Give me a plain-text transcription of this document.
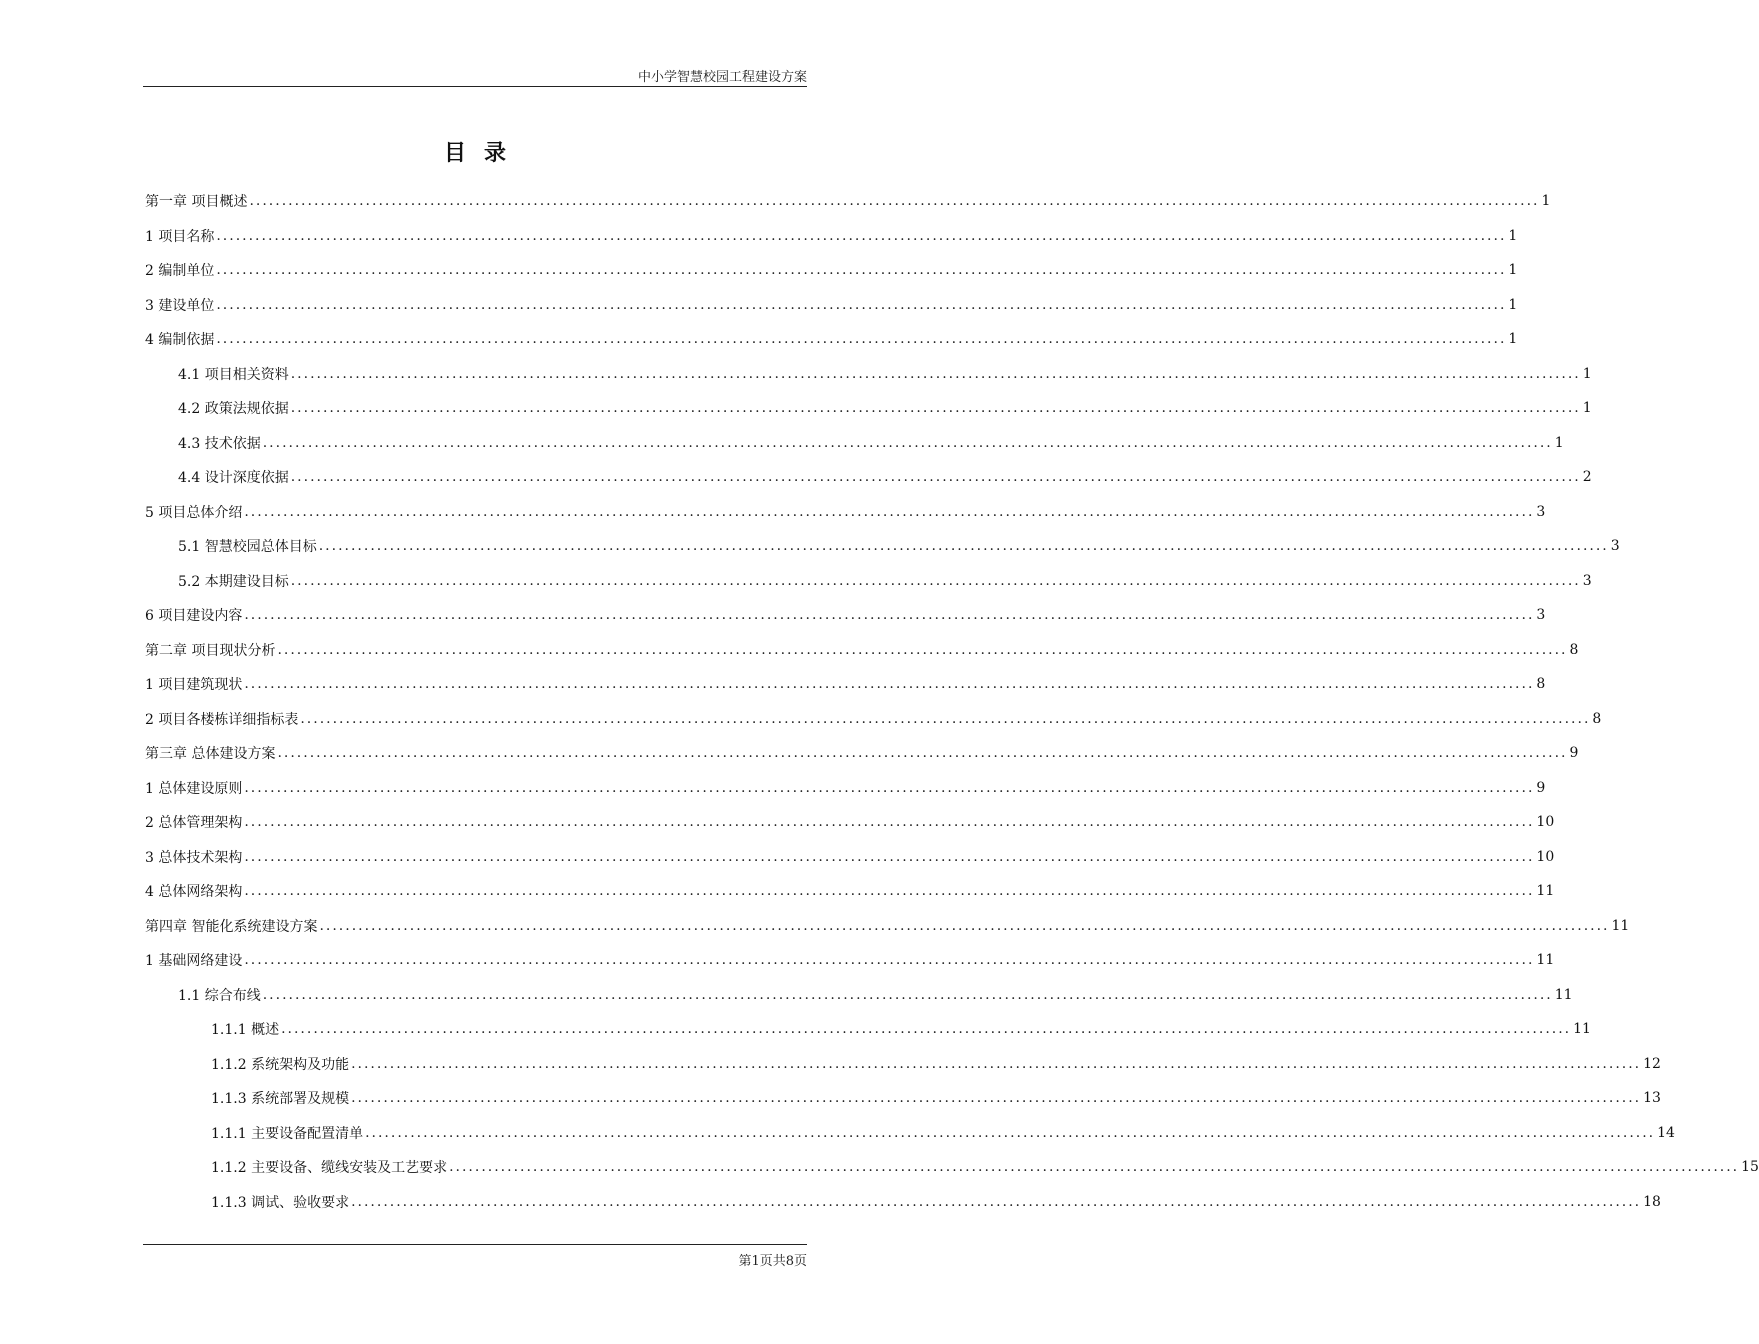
中小学智慧校园工程建设方案
目录
第一章 项目概述 ........................................................................................................................................................................................................ 1
1 项目名称 ........................................................................................................................................................................................................ 1
2 编制单位 ........................................................................................................................................................................................................ 1
3 建设单位 ........................................................................................................................................................................................................ 1
4 编制依据 ........................................................................................................................................................................................................ 1
4.1 项目相关资料 ........................................................................................................................................................................................................ 1
4.2 政策法规依据 ........................................................................................................................................................................................................ 1
4.3 技术依据 ........................................................................................................................................................................................................ 1
4.4 设计深度依据 ........................................................................................................................................................................................................ 2
5 项目总体介绍 ........................................................................................................................................................................................................ 3
5.1 智慧校园总体目标 ........................................................................................................................................................................................................ 3
5.2 本期建设目标 ........................................................................................................................................................................................................ 3
6 项目建设内容 ........................................................................................................................................................................................................ 3
第二章 项目现状分析 ........................................................................................................................................................................................................ 8
1 项目建筑现状 ........................................................................................................................................................................................................ 8
2 项目各楼栋详细指标表 ........................................................................................................................................................................................................ 8
第三章 总体建设方案 ........................................................................................................................................................................................................ 9
1 总体建设原则 ........................................................................................................................................................................................................ 9
2 总体管理架构 ........................................................................................................................................................................................................ 10
3 总体技术架构 ........................................................................................................................................................................................................ 10
4 总体网络架构 ........................................................................................................................................................................................................ 11
第四章 智能化系统建设方案 ........................................................................................................................................................................................................ 11
1 基础网络建设 ........................................................................................................................................................................................................ 11
1.1 综合布线 ........................................................................................................................................................................................................ 11
1.1.1 概述 ........................................................................................................................................................................................................ 11
1.1.2 系统架构及功能 ........................................................................................................................................................................................................ 12
1.1.3 系统部署及规模 ........................................................................................................................................................................................................ 13
1.1.1 主要设备配置清单 ........................................................................................................................................................................................................ 14
1.1.2 主要设备、缆线安装及工艺要求 ........................................................................................................................................................................................................ 15
1.1.3 调试、验收要求 ........................................................................................................................................................................................................ 18
第1页共8页
